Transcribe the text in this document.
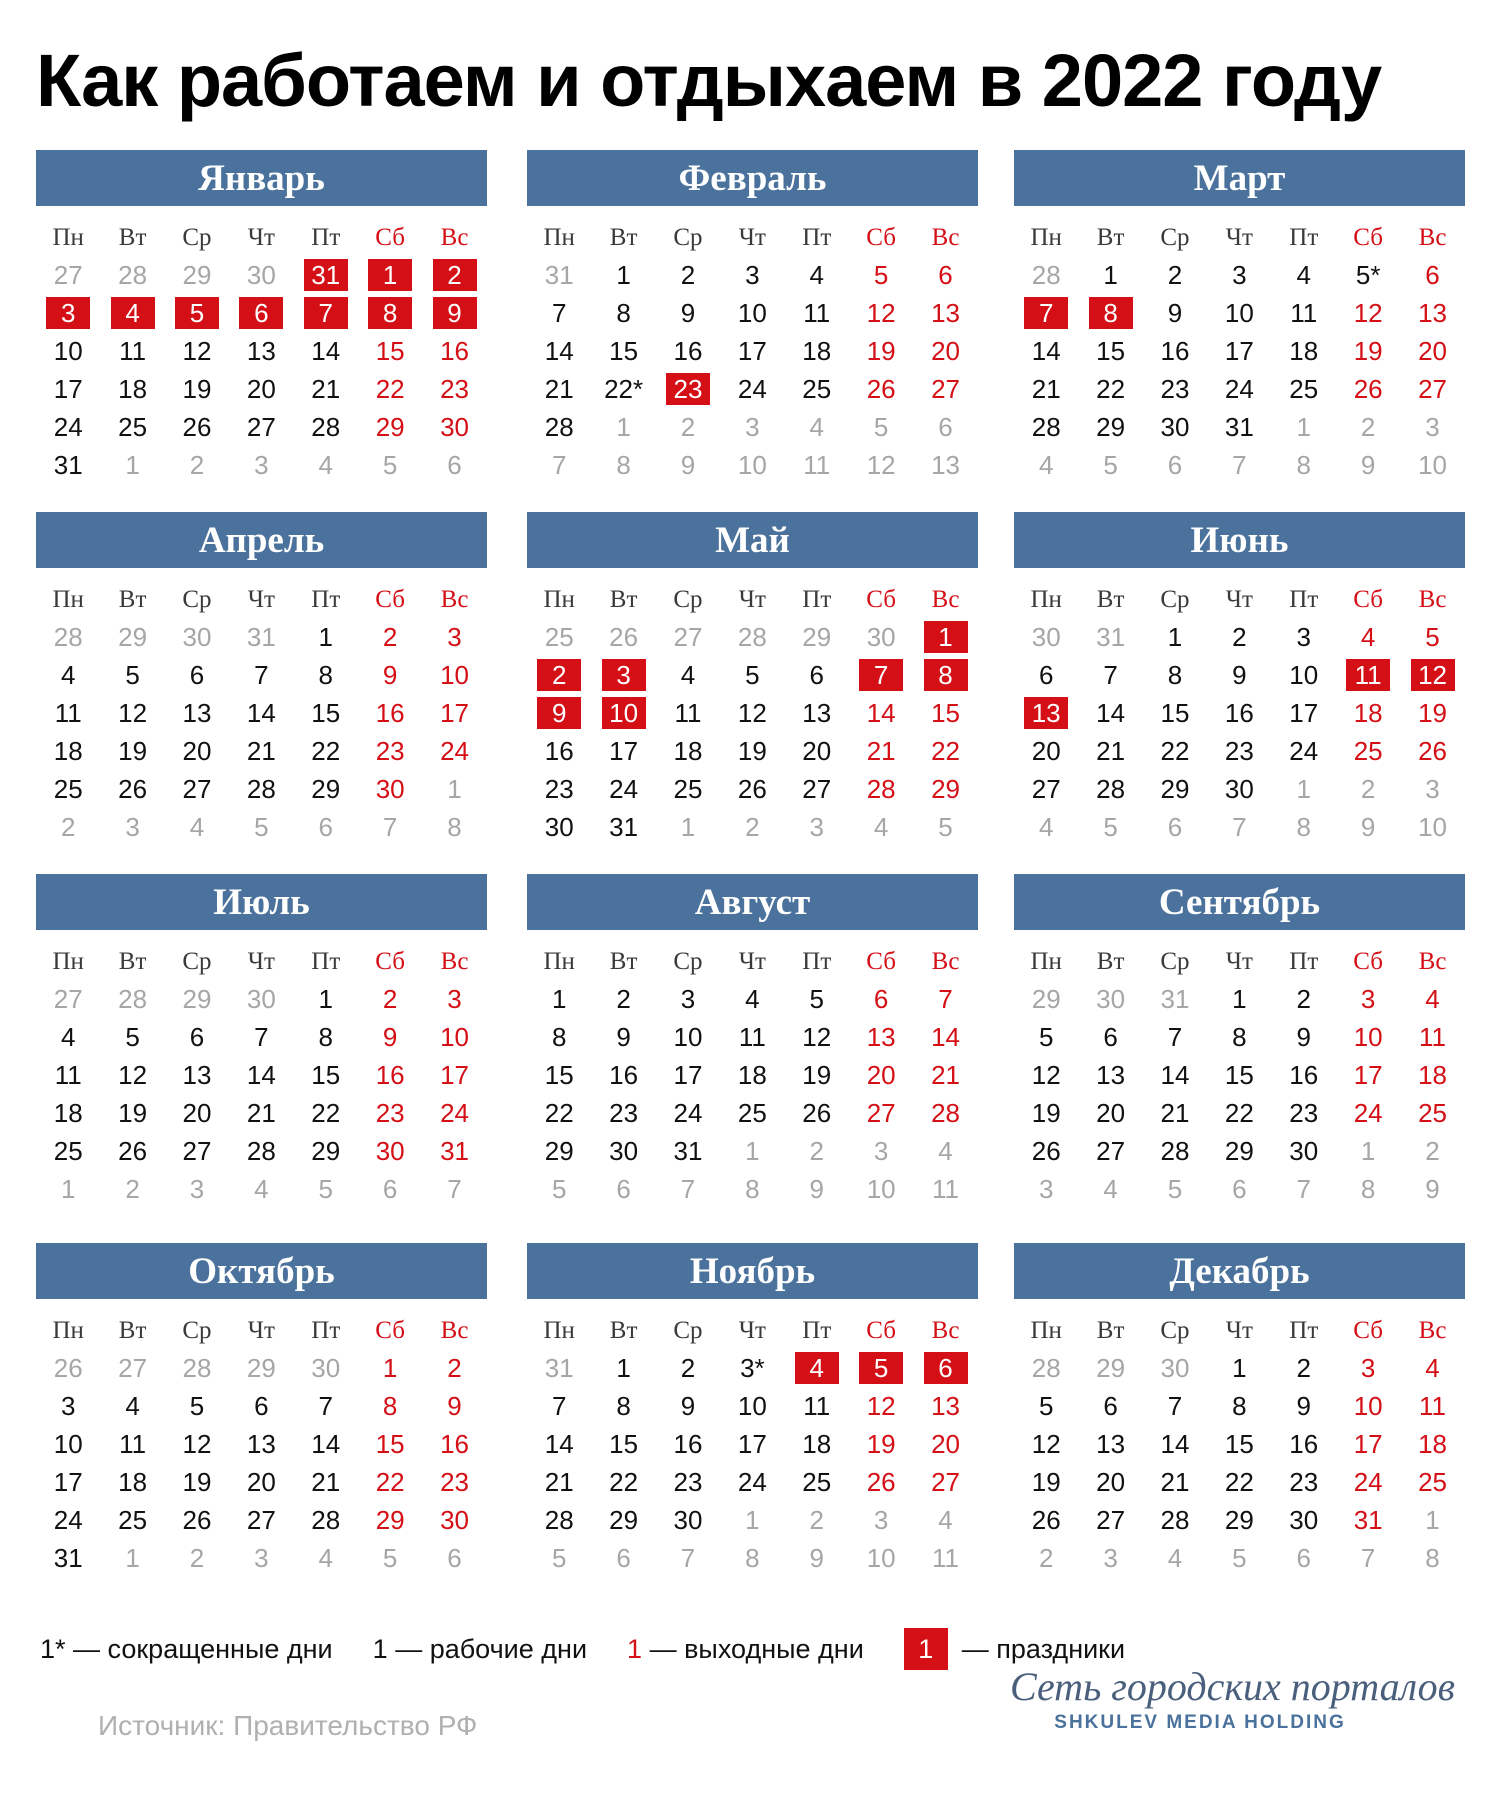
Как работаем и отдыхаем в 2022 году
Январь
Пн	Вт	Ср	Чт	Пт	Сб	Вс
27 28 29 30 31	1	2
3	4	5	6	7	8	9
10 11 12 13 14 15 16
17 18 19 20 21 22 23
24 25 26 27 28 29 30
31 1 2 3 4 5 6
Февраль
Пн	Вт	Ср	Чт	Пт	Сб	Вс
31 1 2 3 4 5 6
7 8 9 10 11 12 13
14 15 16 17 18 19 20
21 22* 23 24 25 26 27
28 1 2 3 4 5 6
7 8 9 10 11 12 13
Март
Пн	Вт	Ср	Чт	Пт	Сб	Вс
28 1 2 3 4 5* 6
7	8	9 10 11 12 13
14 15 16 17 18 19 20
21 22 23 24 25 26 27
28 29 30 31 1 2 3
4 5 6 7 8 9 10
Апрель
Пн	Вт	Ср	Чт	Пт	Сб	Вс
28 29 30 31 1 2 3
4 5 6 7 8 9 10
11 12 13 14 15 16 17
18 19 20 21 22 23 24
25 26 27 28 29 30 1
2 3 4 5 6 7 8
Май
Пн	Вт	Ср	Чт	Пт	Сб	Вс
25 26 27 28 29 30	1
2	3	4 5 6	7	8
9	10 11 12 13 14 15
16 17 18 19 20 21 22
23 24 25 26 27 28 29
30 31 1 2 3 4 5
Июнь
Пн	Вт	Ср	Чт	Пт	Сб	Вс
30 31 1 2 3 4 5
6 7 8 9 10	11	12
13 14 15 16 17 18 19
20 21 22 23 24 25 26
27 28 29 30 1 2 3
4 5 6 7 8 9 10
Июль
Пн	Вт	Ср	Чт	Пт	Сб	Вс
27 28 29 30 1 2 3
4 5 6 7 8 9 10
11 12 13 14 15 16 17
18 19 20 21 22 23 24
25 26 27 28 29 30 31
1 2 3 4 5 6 7
Август
Пн	Вт	Ср	Чт	Пт	Сб	Вс
1 2 3 4 5 6 7
8 9 10 11 12 13 14
15 16 17 18 19 20 21
22 23 24 25 26 27 28
29 30 31 1 2 3 4
5 6 7 8 9 10 11
Сентябрь
Пн	Вт	Ср	Чт	Пт	Сб	Вс
29 30 31 1 2 3 4
5 6 7 8 9 10 11
12 13 14 15 16 17 18
19 20 21 22 23 24 25
26 27 28 29 30 1 2
3 4 5 6 7 8 9
Октябрь
Пн	Вт	Ср	Чт	Пт	Сб	Вс
26 27 28 29 30 1 2
3 4 5 6 7 8 9
10 11 12 13 14 15 16
17 18 19 20 21 22 23
24 25 26 27 28 29 30
31 1 2 3 4 5 6
Ноябрь
Пн	Вт	Ср	Чт	Пт	Сб	Вс
31 1 2 3*	4	5	6
7 8 9 10 11 12 13
14 15 16 17 18 19 20
21 22 23 24 25 26 27
28 29 30 1 2 3 4
5 6 7 8 9 10 11
Декабрь
Пн	Вт	Ср	Чт	Пт	Сб	Вс
28 29 30 1 2 3 4
5 6 7 8 9 10 11
12 13 14 15 16 17 18
19 20 21 22 23 24 25
26 27 28 29 30 31 1
2 3 4 5 6 7 8
1*
— сокращенные дни 1
— рабочие дни 1
— выходные дни	1	— праздники
Источник: Правительство РФ
Сеть городских порталов
SHKULEV MEDIA HOLDING
